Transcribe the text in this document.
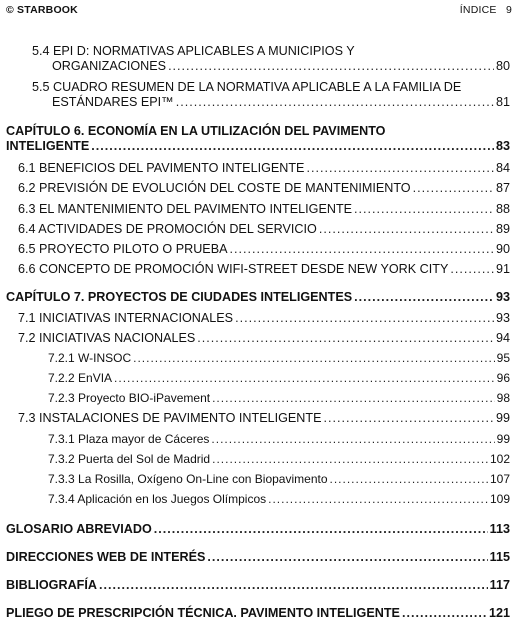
© STARBOOK	ÍNDICE 9
5.4 EPI D: NORMATIVAS APLICABLES A MUNICIPIOS Y
ORGANIZACIONES .....	80
5.5 CUADRO RESUMEN DE LA NORMATIVA APLICABLE A LA FAMILIA DE
ESTÁNDARES EPI™ .....	81
CAPÍTULO 6. ECONOMÍA EN LA UTILIZACIÓN DEL PAVIMENTO
INTELIGENTE .....	83
6.1 BENEFICIOS DEL PAVIMENTO INTELIGENTE .....	84
6.2 PREVISIÓN DE EVOLUCIÓN DEL COSTE DE MANTENIMIENTO .....	87
6.3 EL MANTENIMIENTO DEL PAVIMENTO INTELIGENTE .....	88
6.4 ACTIVIDADES DE PROMOCIÓN DEL SERVICIO .....	89
6.5 PROYECTO PILOTO O PRUEBA .....	90
6.6 CONCEPTO DE PROMOCIÓN WIFI-STREET DESDE NEW YORK CITY .....	91
CAPÍTULO 7. PROYECTOS DE CIUDADES INTELIGENTES .....	93
7.1 INICIATIVAS INTERNACIONALES .....	93
7.2 INICIATIVAS NACIONALES .....	94
7.2.1 W-INSOC .....	95
7.2.2 EnVIA .....	96
7.2.3 Proyecto BIO-iPavement .....	98
7.3 INSTALACIONES DE PAVIMENTO INTELIGENTE .....	99
7.3.1 Plaza mayor de Cáceres .....	99
7.3.2 Puerta del Sol de Madrid .....	102
7.3.3 La Rosilla, Oxígeno On-Line con Biopavimento .....	107
7.3.4 Aplicación en los Juegos Olímpicos .....	109
GLOSARIO ABREVIADO .....	113
DIRECCIONES WEB DE INTERÉS .....	115
BIBLIOGRAFÍA .....	117
PLIEGO DE PRESCRIPCIÓN TÉCNICA. PAVIMENTO INTELIGENTE .....	121
